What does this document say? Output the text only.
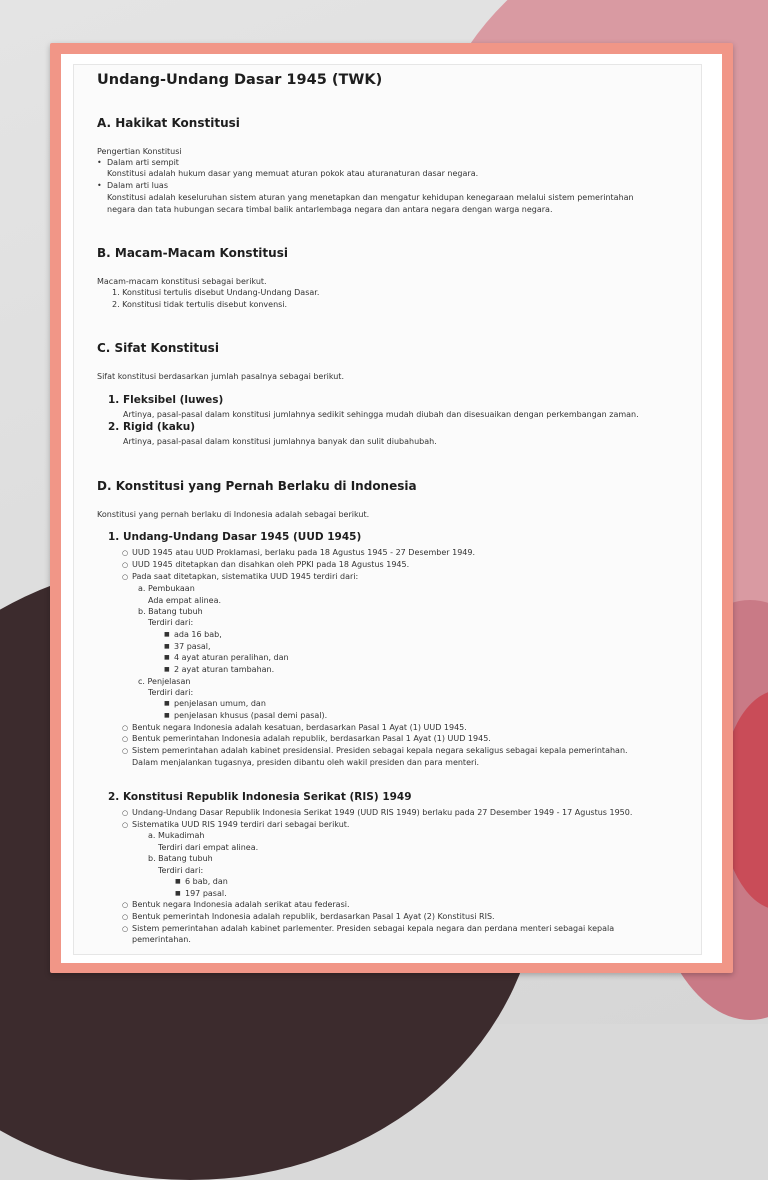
Undang-Undang Dasar 1945 (TWK)
A. Hakikat Konstitusi
Pengertian Konstitusi
• Dalam arti sempit
Konstitusi adalah hukum dasar yang memuat aturan pokok atau aturanaturan dasar negara.
• Dalam arti luas
Konstitusi adalah keseluruhan sistem aturan yang menetapkan dan mengatur kehidupan kenegaraan melalui sistem pemerintahan
negara dan tata hubungan secara timbal balik antarlembaga negara dan antara negara dengan warga negara.
B. Macam-Macam Konstitusi
Macam-macam konstitusi sebagai berikut.
1. Konstitusi tertulis disebut Undang-Undang Dasar.
2. Konstitusi tidak tertulis disebut konvensi.
C. Sifat Konstitusi
Sifat konstitusi berdasarkan jumlah pasalnya sebagai berikut.
1. Fleksibel (luwes)
Artinya, pasal-pasal dalam konstitusi jumlahnya sedikit sehingga mudah diubah dan disesuaikan dengan perkembangan zaman.
2. Rigid (kaku)
Artinya, pasal-pasal dalam konstitusi jumlahnya banyak dan sulit diubahubah.
D. Konstitusi yang Pernah Berlaku di Indonesia
Konstitusi yang pernah berlaku di Indonesia adalah sebagai berikut.
1. Undang-Undang Dasar 1945 (UUD 1945)
○ UUD 1945 atau UUD Proklamasi, berlaku pada 18 Agustus 1945 - 27 Desember 1949.
○ UUD 1945 ditetapkan dan disahkan oleh PPKI pada 18 Agustus 1945.
○ Pada saat ditetapkan, sistematika UUD 1945 terdiri dari:
a. Pembukaan
Ada empat alinea.
b. Batang tubuh
Terdiri dari:
■ ada 16 bab,
■ 37 pasal,
■ 4 ayat aturan peralihan, dan
■ 2 ayat aturan tambahan.
c. Penjelasan
Terdiri dari:
■ penjelasan umum, dan
■ penjelasan khusus (pasal demi pasal).
○ Bentuk negara Indonesia adalah kesatuan, berdasarkan Pasal 1 Ayat (1) UUD 1945.
○ Bentuk pemerintahan Indonesia adalah republik, berdasarkan Pasal 1 Ayat (1) UUD 1945.
○ Sistem pemerintahan adalah kabinet presidensial. Presiden sebagai kepala negara sekaligus sebagai kepala pemerintahan.
Dalam menjalankan tugasnya, presiden dibantu oleh wakil presiden dan para menteri.
2. Konstitusi Republik Indonesia Serikat (RIS) 1949
○ Undang-Undang Dasar Republik Indonesia Serikat 1949 (UUD RIS 1949) berlaku pada 27 Desember 1949 - 17 Agustus 1950.
○ Sistematika UUD RIS 1949 terdiri dari sebagai berikut.
a. Mukadimah
Terdiri dari empat alinea.
b. Batang tubuh
Terdiri dari:
■ 6 bab, dan
■ 197 pasal.
○ Bentuk negara Indonesia adalah serikat atau federasi.
○ Bentuk pemerintah Indonesia adalah republik, berdasarkan Pasal 1 Ayat (2) Konstitusi RIS.
○ Sistem pemerintahan adalah kabinet parlementer. Presiden sebagai kepala negara dan perdana menteri sebagai kepala
pemerintahan.
